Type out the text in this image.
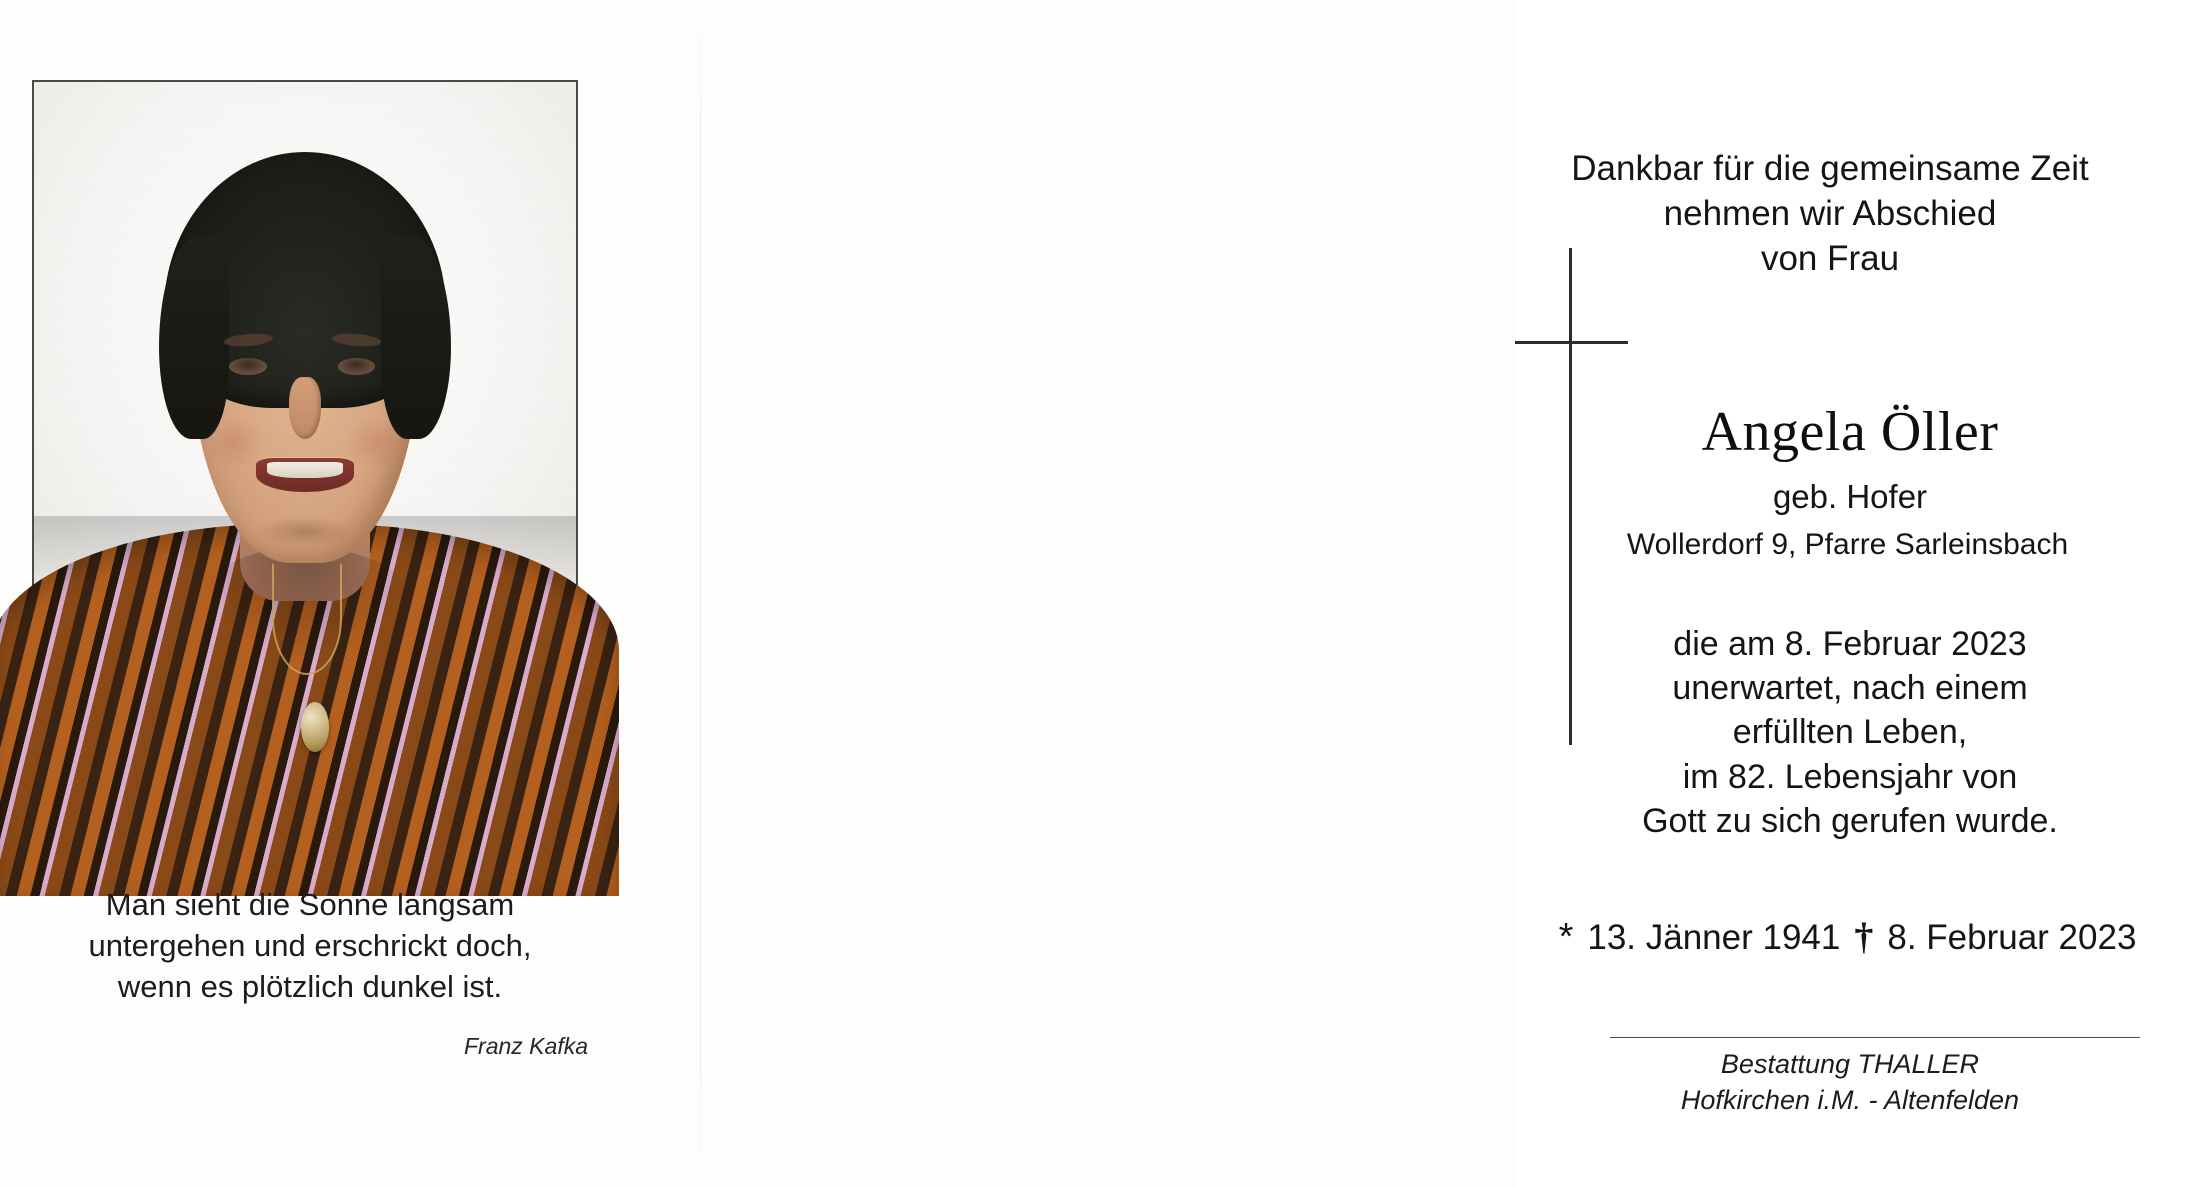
Man sieht die Sonne langsam
untergehen und erschrickt doch,
wenn es plötzlich dunkel ist.
Franz Kafka
Dankbar für die gemeinsame Zeit
nehmen wir Abschied
von Frau
Angela Öller
geb. Hofer
Wollerdorf 9, Pfarre Sarleinsbach
die am 8. Februar 2023
unerwartet, nach einem
erfüllten Leben,
im 82. Lebensjahr von
Gott zu sich gerufen wurde.
* 13. Jänner 1941 † 8. Februar 2023
Bestattung THALLER
Hofkirchen i.M. - Altenfelden
